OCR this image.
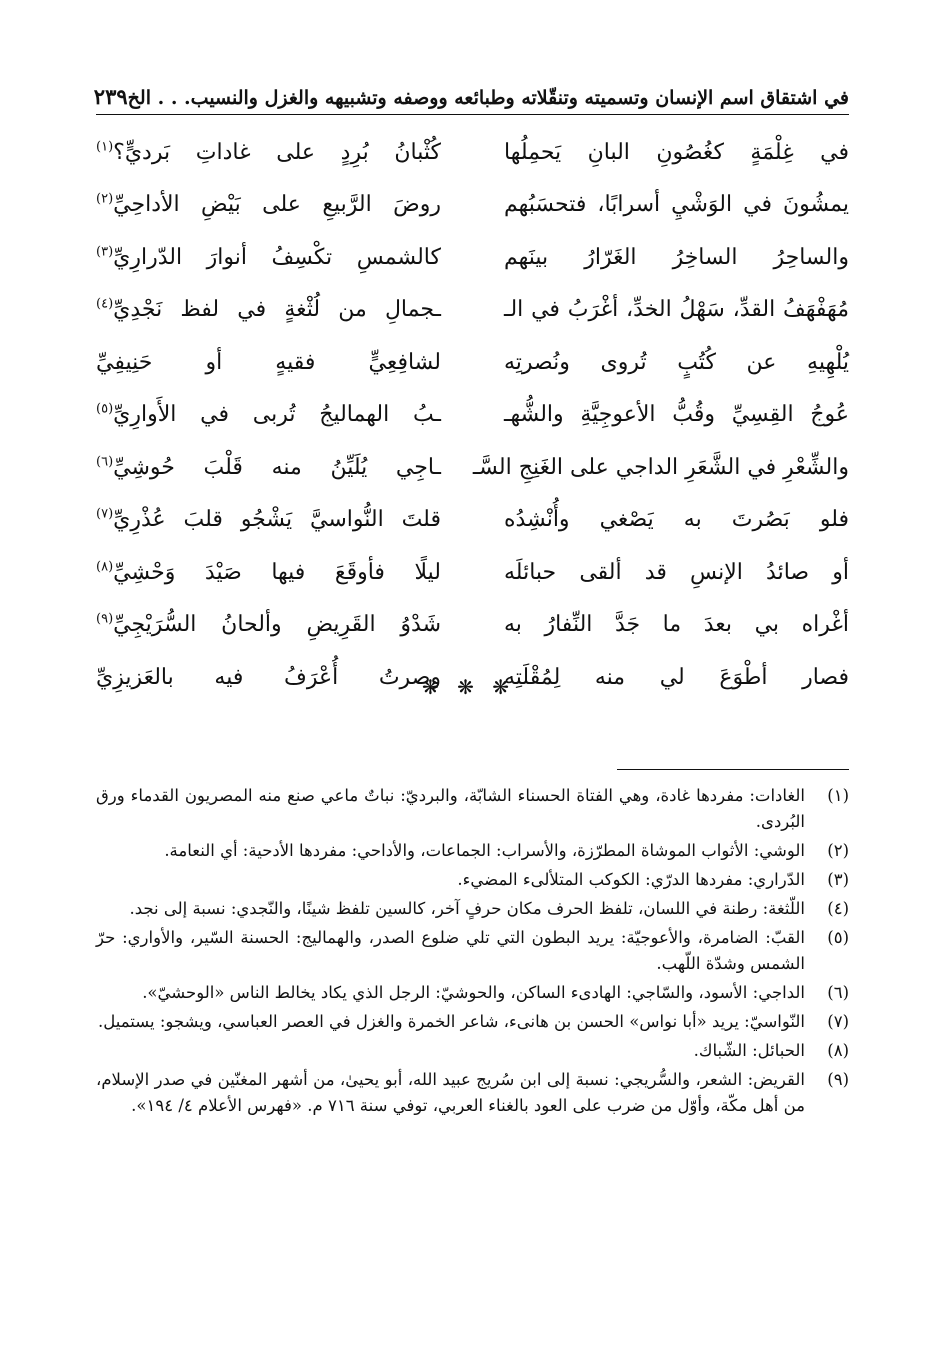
في اشتقاق اسم الإنسان وتسميته وتنقّلاته وطبائعه ووصفه وتشبيهه والغزل والنسيب. . . الخ
٢٣٩
في غِلْمَةٍ كغُصُونِ البانِ يَحمِلُها
كُثْبانُ بُرِدٍ على غاداتِ بَرديٍّ؟$^{(١)}$
يمشُونَ في الوَشْيِ أسرابًا، فتحسَبُهم
روضَ الرَّبيعِ على بَيْضِ الأداحِيِّ$^{(٢)}$
والساحِرُ الساخِرُ الغَرّارُ بينَهم
كالشمسِ تكْسِفُ أنوارَ الدّرارِيِّ$^{(٣)}$
مُهَفْهَفُ القدِّ، سَهْلُ الخدِّ، أغْرَبُ في الـ
ـجمالِ من لُثْغةٍ في لفظ نَجْدِيِّ$^{(٤)}$
يُلْهِيهِ عن كُتُبٍ تُروى ونُصرتِه
لشافِعِيٍّ فقيهٍ أو حَنِيفِيِّ
عُوجُ القِسِيِّ وقُبُّ الأعوجِيَّةِ والشُّهـ
ـبُ الهماليجُ تُربى في الأَوارِيِّ$^{(٥)}$
والشِّعْرِ في الشَّعَرِ الداجي على الغَنِجِ السَّـ
ـاجِي يُلَيِّنُ منه قَلْبَ حُوشِيِّ$^{(٦)}$
فلو بَصُرتَ به يَصْغي وأُنْشِدُه
قلتَ النُّواسيَّ يَشْجُو قلبَ عُذْرِيِّ$^{(٧)}$
أو صائدُ الإنسِ قد ألقى حبائلَه
ليلًا فأوقَعَ فيها صَيْدَ وَحْشِيِّ$^{(٨)}$
أغْراه بي بعدَ ما جَدَّ النِّفارُ به
شَدْوُ القَرِيضِ وألحانُ السُّرَيْجِيِّ$^{(٩)}$
فصار أطْوَعَ لي منه لِمُقْلَتِه
وصرتُ أُعْرَفُ فيه بالعَزيزِيِّ
❋ ❋ ❋
(١)
الغادات: مفردها غادة، وهي الفتاة الحسناء الشابّة، والبرديّ: نباتٌ ماعي صنع منه المصريون القدماء ورق البُردى.
(٢)
الوشي: الأثواب الموشاة المطرّزة، والأسراب: الجماعات، والأداحي: مفردها الأدحية: أي النعامة.
(٣)
الدّراري: مفردها الدرّي: الكوكب المتلألىء المضيء.
(٤)
اللّثغة: رطنة في اللسان، تلفظ الحرف مكان حرفٍ آخر، كالسين تلفظ شينًا، والنّجدي: نسبة إلى نجد.
(٥)
القبّ: الضامرة، والأعوجيّة: يريد البطون التي تلي ضلوع الصدر، والهماليج: الحسنة السّير، والأواري: حرّ الشمس وشدّة اللّهب.
(٦)
الداجي: الأسود، والسّاجي: الهادىء الساكن، والحوشيّ: الرجل الذي يكاد يخالط الناس «الوحشيّ».
(٧)
النّواسيّ: يريد «أبا نواس» الحسن بن هانىء، شاعر الخمرة والغزل في العصر العباسي، ويشجو: يستميل.
(٨)
الحبائل: الشّباك.
(٩)
القريض: الشعر، والسُّريجي: نسبة إلى ابن سُريج عبيد الله، أبو يحيىٰ، من أشهر المغنّين في صدر الإسلام، من أهل مكّة، وأوّل من ضرب على العود بالغناء العربي، توفي سنة ٧١٦ م. «فهرس الأعلام ٤/ ١٩٤».
